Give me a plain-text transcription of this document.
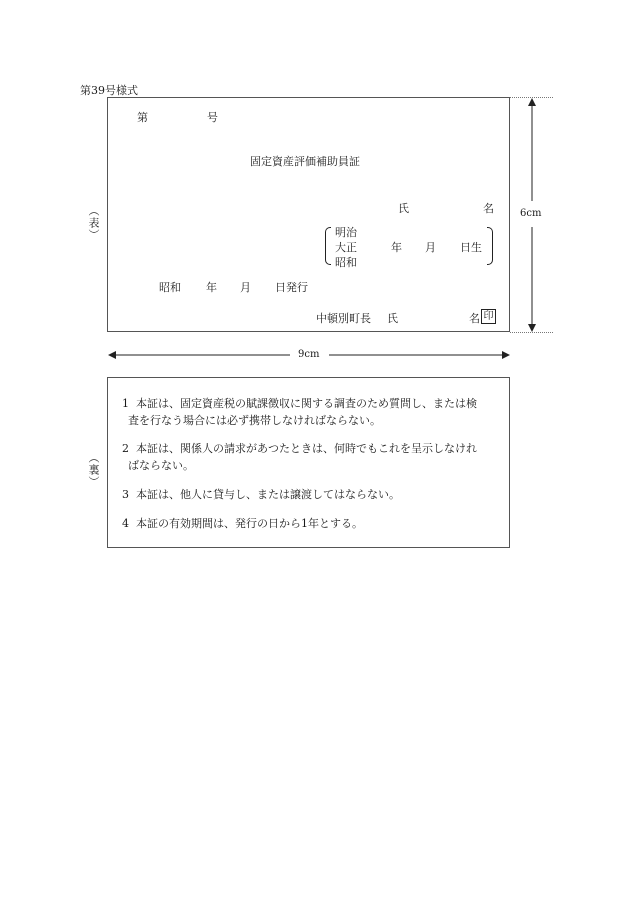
第39号様式
（表）
第	号
固定資産評価補助員証
氏	名
明治
大正
昭和
年 月 日生
昭和 年 月 日発行
中頓別町長 氏	名 印
6cm
9cm
（裏）
1 本証は、固定資産税の賦課徴収に関する調査のため質問し、または検
査を行なう場合には必ず携帯しなければならない。
2 本証は、関係人の請求があつたときは、何時でもこれを呈示しなけれ
ばならない。
3 本証は、他人に貸与し、または譲渡してはならない。
4 本証の有効期間は、発行の日から1年とする。
